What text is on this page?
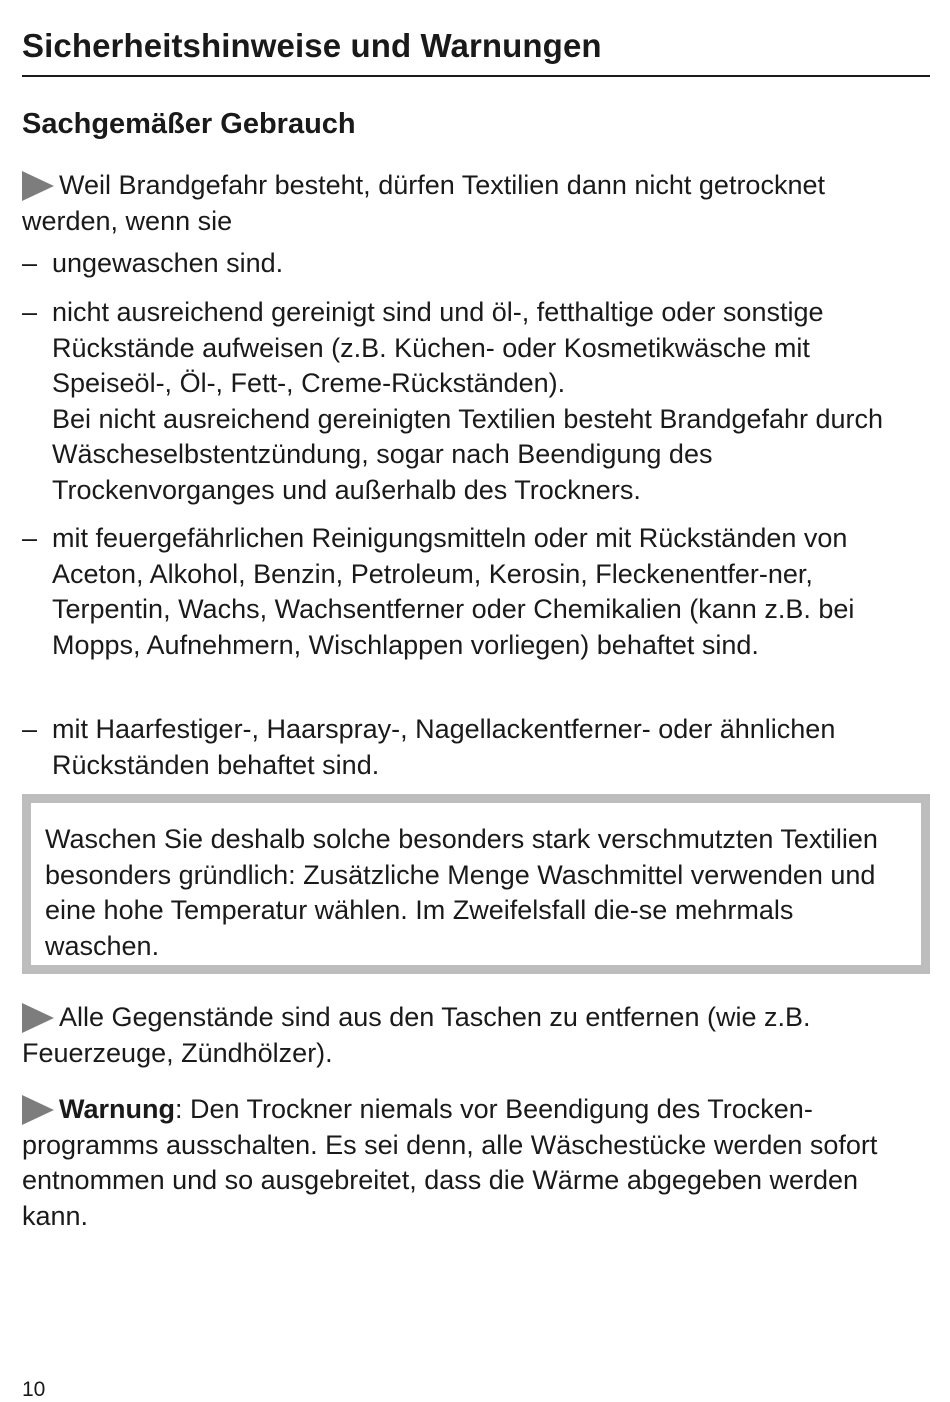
Sicherheitshinweise und Warnungen
Sachgemäßer Gebrauch

Weil Brandgefahr besteht, dürfen Textilien dann nicht getrocknet werden, wenn sie

– ungewaschen sind.
– nicht ausreichend gereinigt sind und öl-, fetthaltige oder sonstige Rückstände aufweisen (z.B. Küchen- oder Kosmetikwäsche mit Speiseöl-, Öl-, Fett-, Creme-Rückständen).
Bei nicht ausreichend gereinigten Textilien besteht Brandgefahr durch Wäscheselbstentzündung, sogar nach Beendigung des Trockenvorganges und außerhalb des Trockners.
– mit feuergefährlichen Reinigungsmitteln oder mit Rückständen von Aceton, Alkohol, Benzin, Petroleum, Kerosin, Fleckenentfer-ner, Terpentin, Wachs, Wachsentferner oder Chemikalien (kann z.B. bei Mopps, Aufnehmern, Wischlappen vorliegen) behaftet sind.
– mit Haarfestiger-, Haarspray-, Nagellackentferner- oder ähnlichen Rückständen behaftet sind.
Waschen Sie deshalb solche besonders stark verschmutzten Textilien besonders gründlich: Zusätzliche Menge Waschmittel verwenden und eine hohe Temperatur wählen. Im Zweifelsfall die-se mehrmals waschen.

Alle Gegenstände sind aus den Taschen zu entfernen (wie z.B. Feuerzeuge, Zündhölzer).

Warnung: Den Trockner niemals vor Beendigung des Trocken-programms ausschalten. Es sei denn, alle Wäschestücke werden sofort entnommen und so ausgebreitet, dass die Wärme abgegeben werden kann.

10
